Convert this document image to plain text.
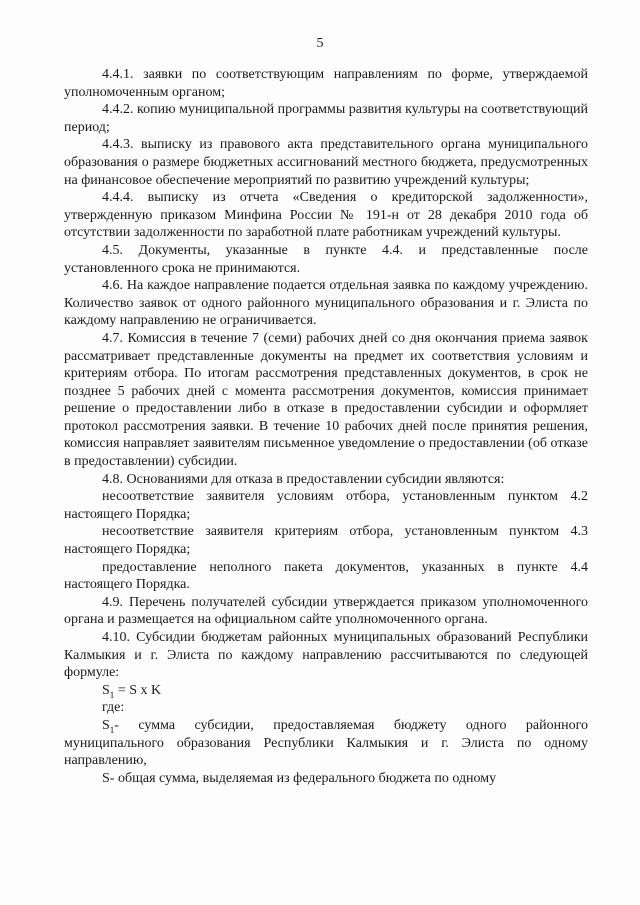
5

4.4.1. заявки по соответствующим направлениям по форме, утверждаемой уполномоченным органом;

4.4.2. копию муниципальной программы развития культуры на соответствующий период;

4.4.3. выписку из правового акта представительного органа муниципального образования о размере бюджетных ассигнований местного бюджета, предусмотренных на финансовое обеспечение мероприятий по развитию учреждений культуры;

4.4.4. выписку из отчета «Сведения о кредиторской задолженности», утвержденную приказом Минфина России № 191-н от 28 декабря 2010 года об отсутствии задолженности по заработной плате работникам учреждений культуры.

4.5. Документы, указанные в пункте 4.4. и представленные после установленного срока не принимаются.

4.6. На каждое направление подается отдельная заявка по каждому учреждению. Количество заявок от одного районного муниципального образования и г. Элиста по каждому направлению не ограничивается.

4.7. Комиссия в течение 7 (семи) рабочих дней со дня окончания приема заявок рассматривает представленные документы на предмет их соответствия условиям и критериям отбора. По итогам рассмотрения представленных документов, в срок не позднее 5 рабочих дней с момента рассмотрения документов, комиссия принимает решение о предоставлении либо в отказе в предоставлении субсидии и оформляет протокол рассмотрения заявки. В течение 10 рабочих дней после принятия решения, комиссия направляет заявителям письменное уведомление о предоставлении (об отказе в предоставлении) субсидии.

4.8. Основаниями для отказа в предоставлении субсидии являются:

несоответствие заявителя условиям отбора, установленным пунктом 4.2 настоящего Порядка;

несоответствие заявителя критериям отбора, установленным пунктом 4.3 настоящего Порядка;

предоставление неполного пакета документов, указанных в пункте 4.4 настоящего Порядка.

4.9. Перечень получателей субсидии утверждается приказом уполномоченного органа и размещается на официальном сайте уполномоченного органа.

4.10. Субсидии бюджетам районных муниципальных образований Республики Калмыкия и г. Элиста по каждому направлению рассчитываются по следующей формуле:

$S_1 = S$ x K

где:

$S_1-$ сумма субсидии, предоставляемая бюджету одного районного муниципального образования Республики Калмыкия и г. Элиста по одному направлению,

S- общая сумма, выделяемая из федерального бюджета по одному
